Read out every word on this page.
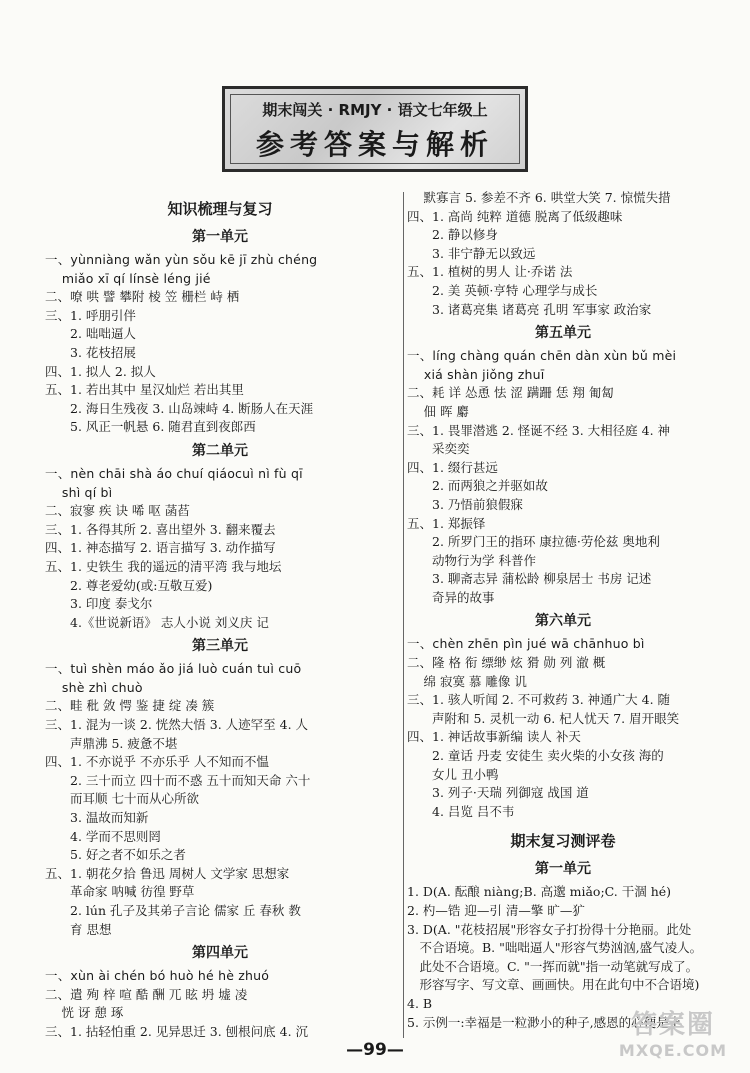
期末闯关 · RMJY · 语文七年级上
参考答案与解析
知识梳理与复习
第一单元
一、yùnniàng wǎn yùn sǒu kē jī zhù chéng
　 miǎo xī qí línsè léng jié
二、嘹 哄 譬 攀附 棱 笠 栅栏 峙 栖
三、1. 呼朋引伴
　　2. 咄咄逼人
　　3. 花枝招展
四、1. 拟人 2. 拟人
五、1. 若出其中 星汉灿烂 若出其里
　　2. 海日生残夜 3. 山岛竦峙 4. 断肠人在天涯
　　5. 风正一帆悬 6. 随君直到夜郎西
第二单元
一、nèn chāi shà áo chuí qiáocuì nì fù qī
　 shì qí bì
二、寂寥 疾 诀 唏 呕 菡萏
三、1. 各得其所 2. 喜出望外 3. 翻来覆去
四、1. 神态描写 2. 语言描写 3. 动作描写
五、1. 史铁生 我的遥远的清平湾 我与地坛
　　2. 尊老爱幼(或:互敬互爱)
　　3. 印度 泰戈尔
　　4.《世说新语》 志人小说 刘义庆 记
第三单元
一、tuì shèn máo ǎo jiá luò cuán tuì cuō
　 shè zhì chuò
二、畦 秕 敛 愕 鉴 捷 绽 凑 簇
三、1. 混为一谈 2. 恍然大悟 3. 人迹罕至 4. 人
　　声鼎沸 5. 疲惫不堪
四、1. 不亦说乎 不亦乐乎 人不知而不愠
　　2. 三十而立 四十而不惑 五十而知天命 六十
　　而耳顺 七十而从心所欲
　　3. 温故而知新
　　4. 学而不思则罔
　　5. 好之者不如乐之者
五、1. 朝花夕拾 鲁迅 周树人 文学家 思想家
　　革命家 呐喊 彷徨 野草
　　2. lún 孔子及其弟子言论 儒家 丘 春秋 教
　　育 思想
第四单元
一、xùn ài chén bó huò hé hè zhuó
二、遣 殉 梓 喧 酷 酬 兀 眩 坍 墟 凌
　 恍 讶 憩 琢
三、1. 拈轻怕重 2. 见异思迁 3. 刨根问底 4. 沉
　 默寡言 5. 参差不齐 6. 哄堂大笑 7. 惊慌失措
四、1. 高尚 纯粹 道德 脱离了低级趣味
　　2. 静以修身
　　3. 非宁静无以致远
五、1. 植树的男人 让·乔诺 法
　　2. 美 英顿·亨特 心理学与成长
　　3. 诸葛亮集 诸葛亮 孔明 军事家 政治家
第五单元
一、líng chàng quán chēn dàn xùn bǔ mèi
　 xiá shàn jiǒng zhuī
二、耗 详 怂恿 怯 涩 蹒跚 恁 翔 匍匐
　 佃 晖 麝
三、1. 畏罪潜逃 2. 怪诞不经 3. 大相径庭 4. 神
　　采奕奕
四、1. 缀行甚远
　　2. 而两狼之并驱如故
　　3. 乃悟前狼假寐
五、1. 郑振铎
　　2. 所罗门王的指环 康拉德·劳伦兹 奥地利
　　动物行为学 科普作
　　3. 聊斋志异 蒲松龄 柳泉居士 书房 记述
　　奇异的故事
第六单元
一、chèn zhēn pìn jué wā chānhuo bì
二、隆 格 衔 缥缈 炫 猾 勋 列 澈 概
　 绵 寂寞 慕 雕像 讥
三、1. 骇人听闻 2. 不可救药 3. 神通广大 4. 随
　　声附和 5. 灵机一动 6. 杞人忧天 7. 眉开眼笑
四、1. 神话故事新编 读人 补天
　　2. 童话 丹麦 安徒生 卖火柴的小女孩 海的
　　女儿 丑小鸭
　　3. 列子·天瑞 列御寇 战国 道
　　4. 吕览 吕不韦
期末复习测评卷
第一单元
1. D(A. 酝酿 niàng;B. 高邈 miǎo;C. 干涸 hé)
2. 杓—锆 迎—引 清—擎 旷—犷
3. D(A. "花枝招展"形容女子打扮得十分艳丽。此处
　不合语境。B. "咄咄逼人"形容气势汹汹,盛气凌人。
　此处不合语境。C. "一挥而就"指一动笔就写成了。
　形容写字、写文章、画画快。用在此句中不合语境)
4. B
5. 示例一:幸福是一粒渺小的种子,感恩的心便是土
—99—
答案圈
MXQE.COM
